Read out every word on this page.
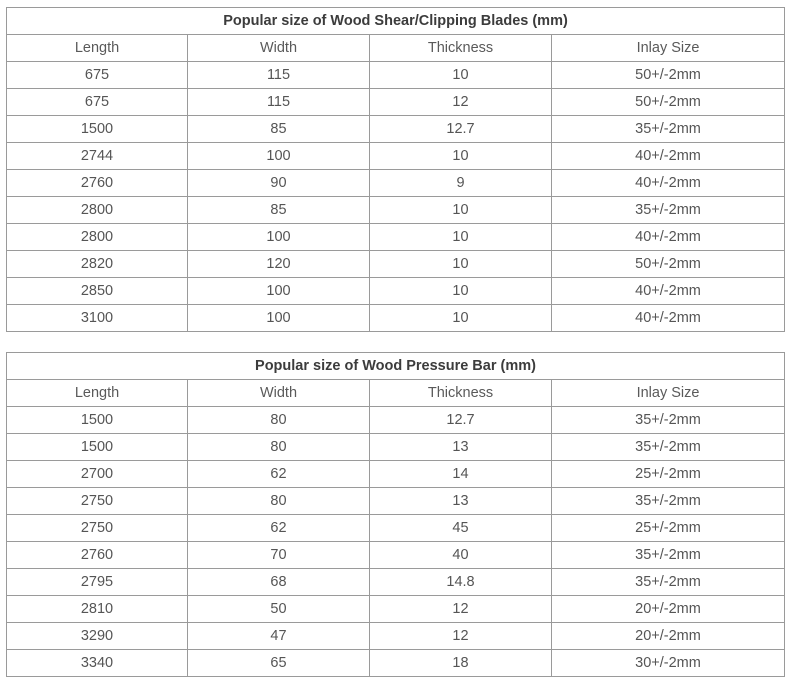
Popular size of Wood Shear/Clipping Blades (mm)			
Length	Width	Thickness	Inlay Size
675	115	10	50+/-2mm
675	115	12	50+/-2mm
1500	85	12.7	35+/-2mm
2744	100	10	40+/-2mm
2760	90	9	40+/-2mm
2800	85	10	35+/-2mm
2800	100	10	40+/-2mm
2820	120	10	50+/-2mm
2850	100	10	40+/-2mm
3100	100	10	40+/-2mm
Popular size of Wood Pressure Bar (mm)			
Length	Width	Thickness	Inlay Size
1500	80	12.7	35+/-2mm
1500	80	13	35+/-2mm
2700	62	14	25+/-2mm
2750	80	13	35+/-2mm
2750	62	45	25+/-2mm
2760	70	40	35+/-2mm
2795	68	14.8	35+/-2mm
2810	50	12	20+/-2mm
3290	47	12	20+/-2mm
3340	65	18	30+/-2mm
